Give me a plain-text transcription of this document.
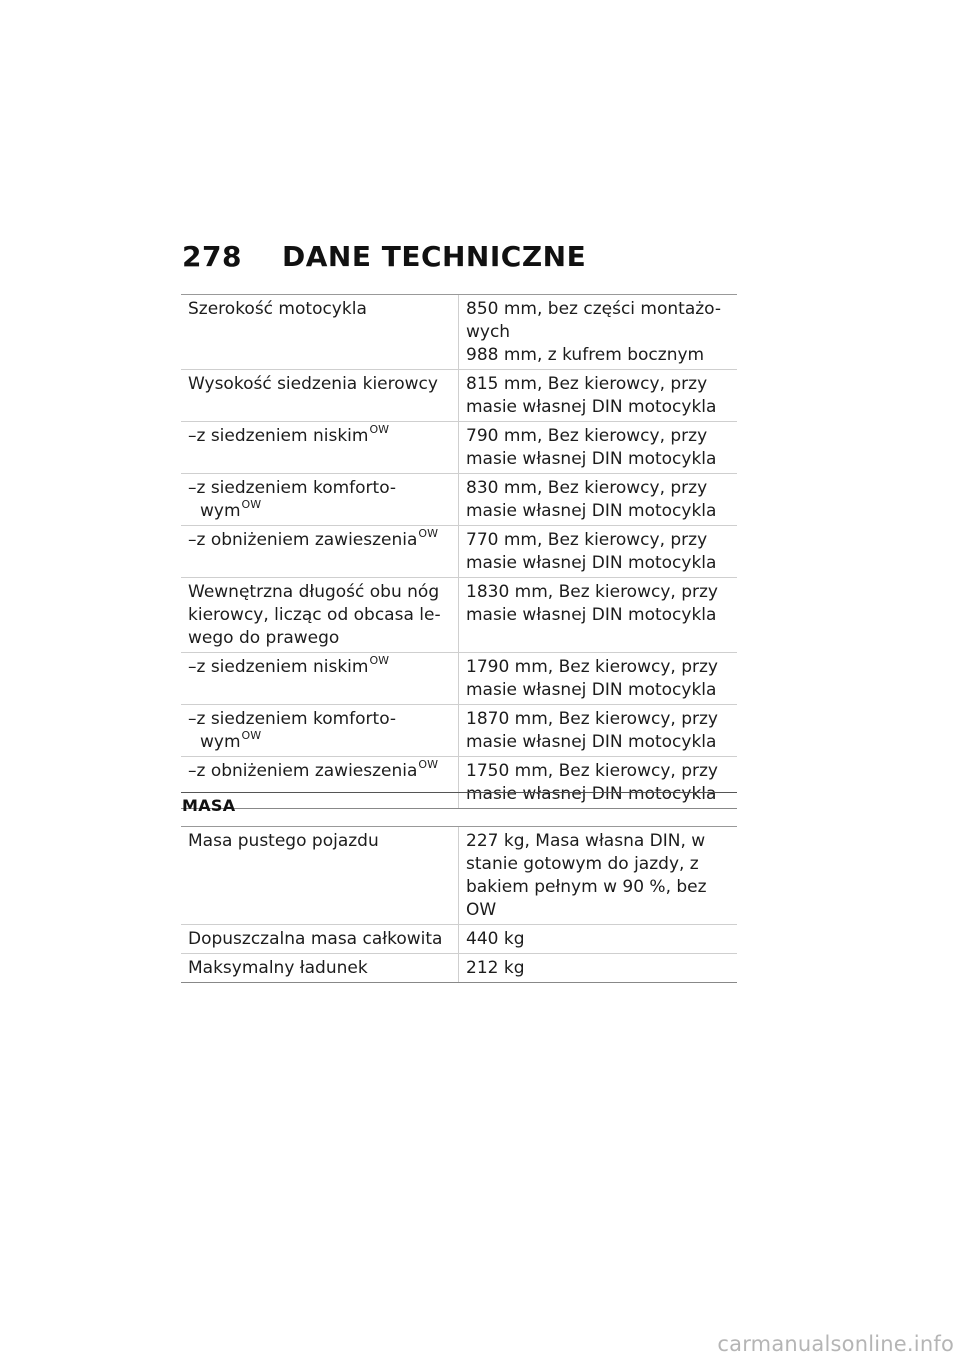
278 DANE TECHNICZNE
Szerokość motocykla	850 mm, bez części montażo-
wych
988 mm, z kufrem bocznym

Wysokość siedzenia kierowcy	815 mm, Bez kierowcy, przy
masie własnej DIN motocykla

–z siedzeniem niskim$^{OW}$	790 mm, Bez kierowcy, przy
masie własnej DIN motocykla

–z siedzeniem komforto-wym$^{OW}$	830 mm, Bez kierowcy, przy
masie własnej DIN motocykla

–z obniżeniem zawieszenia$^{OW}$	770 mm, Bez kierowcy, przy
masie własnej DIN motocykla

Wewnętrzna długość obu nóg kierowcy, licząc od obcasa le-wego do prawego	1830 mm, Bez kierowcy, przy
masie własnej DIN motocykla

–z siedzeniem niskim$^{OW}$	1790 mm, Bez kierowcy, przy
masie własnej DIN motocykla

–z siedzeniem komforto-wym$^{OW}$	1870 mm, Bez kierowcy, przy
masie własnej DIN motocykla

–z obniżeniem zawieszenia$^{OW}$	1750 mm, Bez kierowcy, przy
masie własnej DIN motocykla
MASA
Masa pustego pojazdu	227 kg, Masa własna DIN, w
stanie gotowym do jazdy, z
bakiem pełnym w 90 %, bez
OW

Dopuszczalna masa całkowita	440 kg

Maksymalny ładunek	212 kg
carmanualsonline.info
